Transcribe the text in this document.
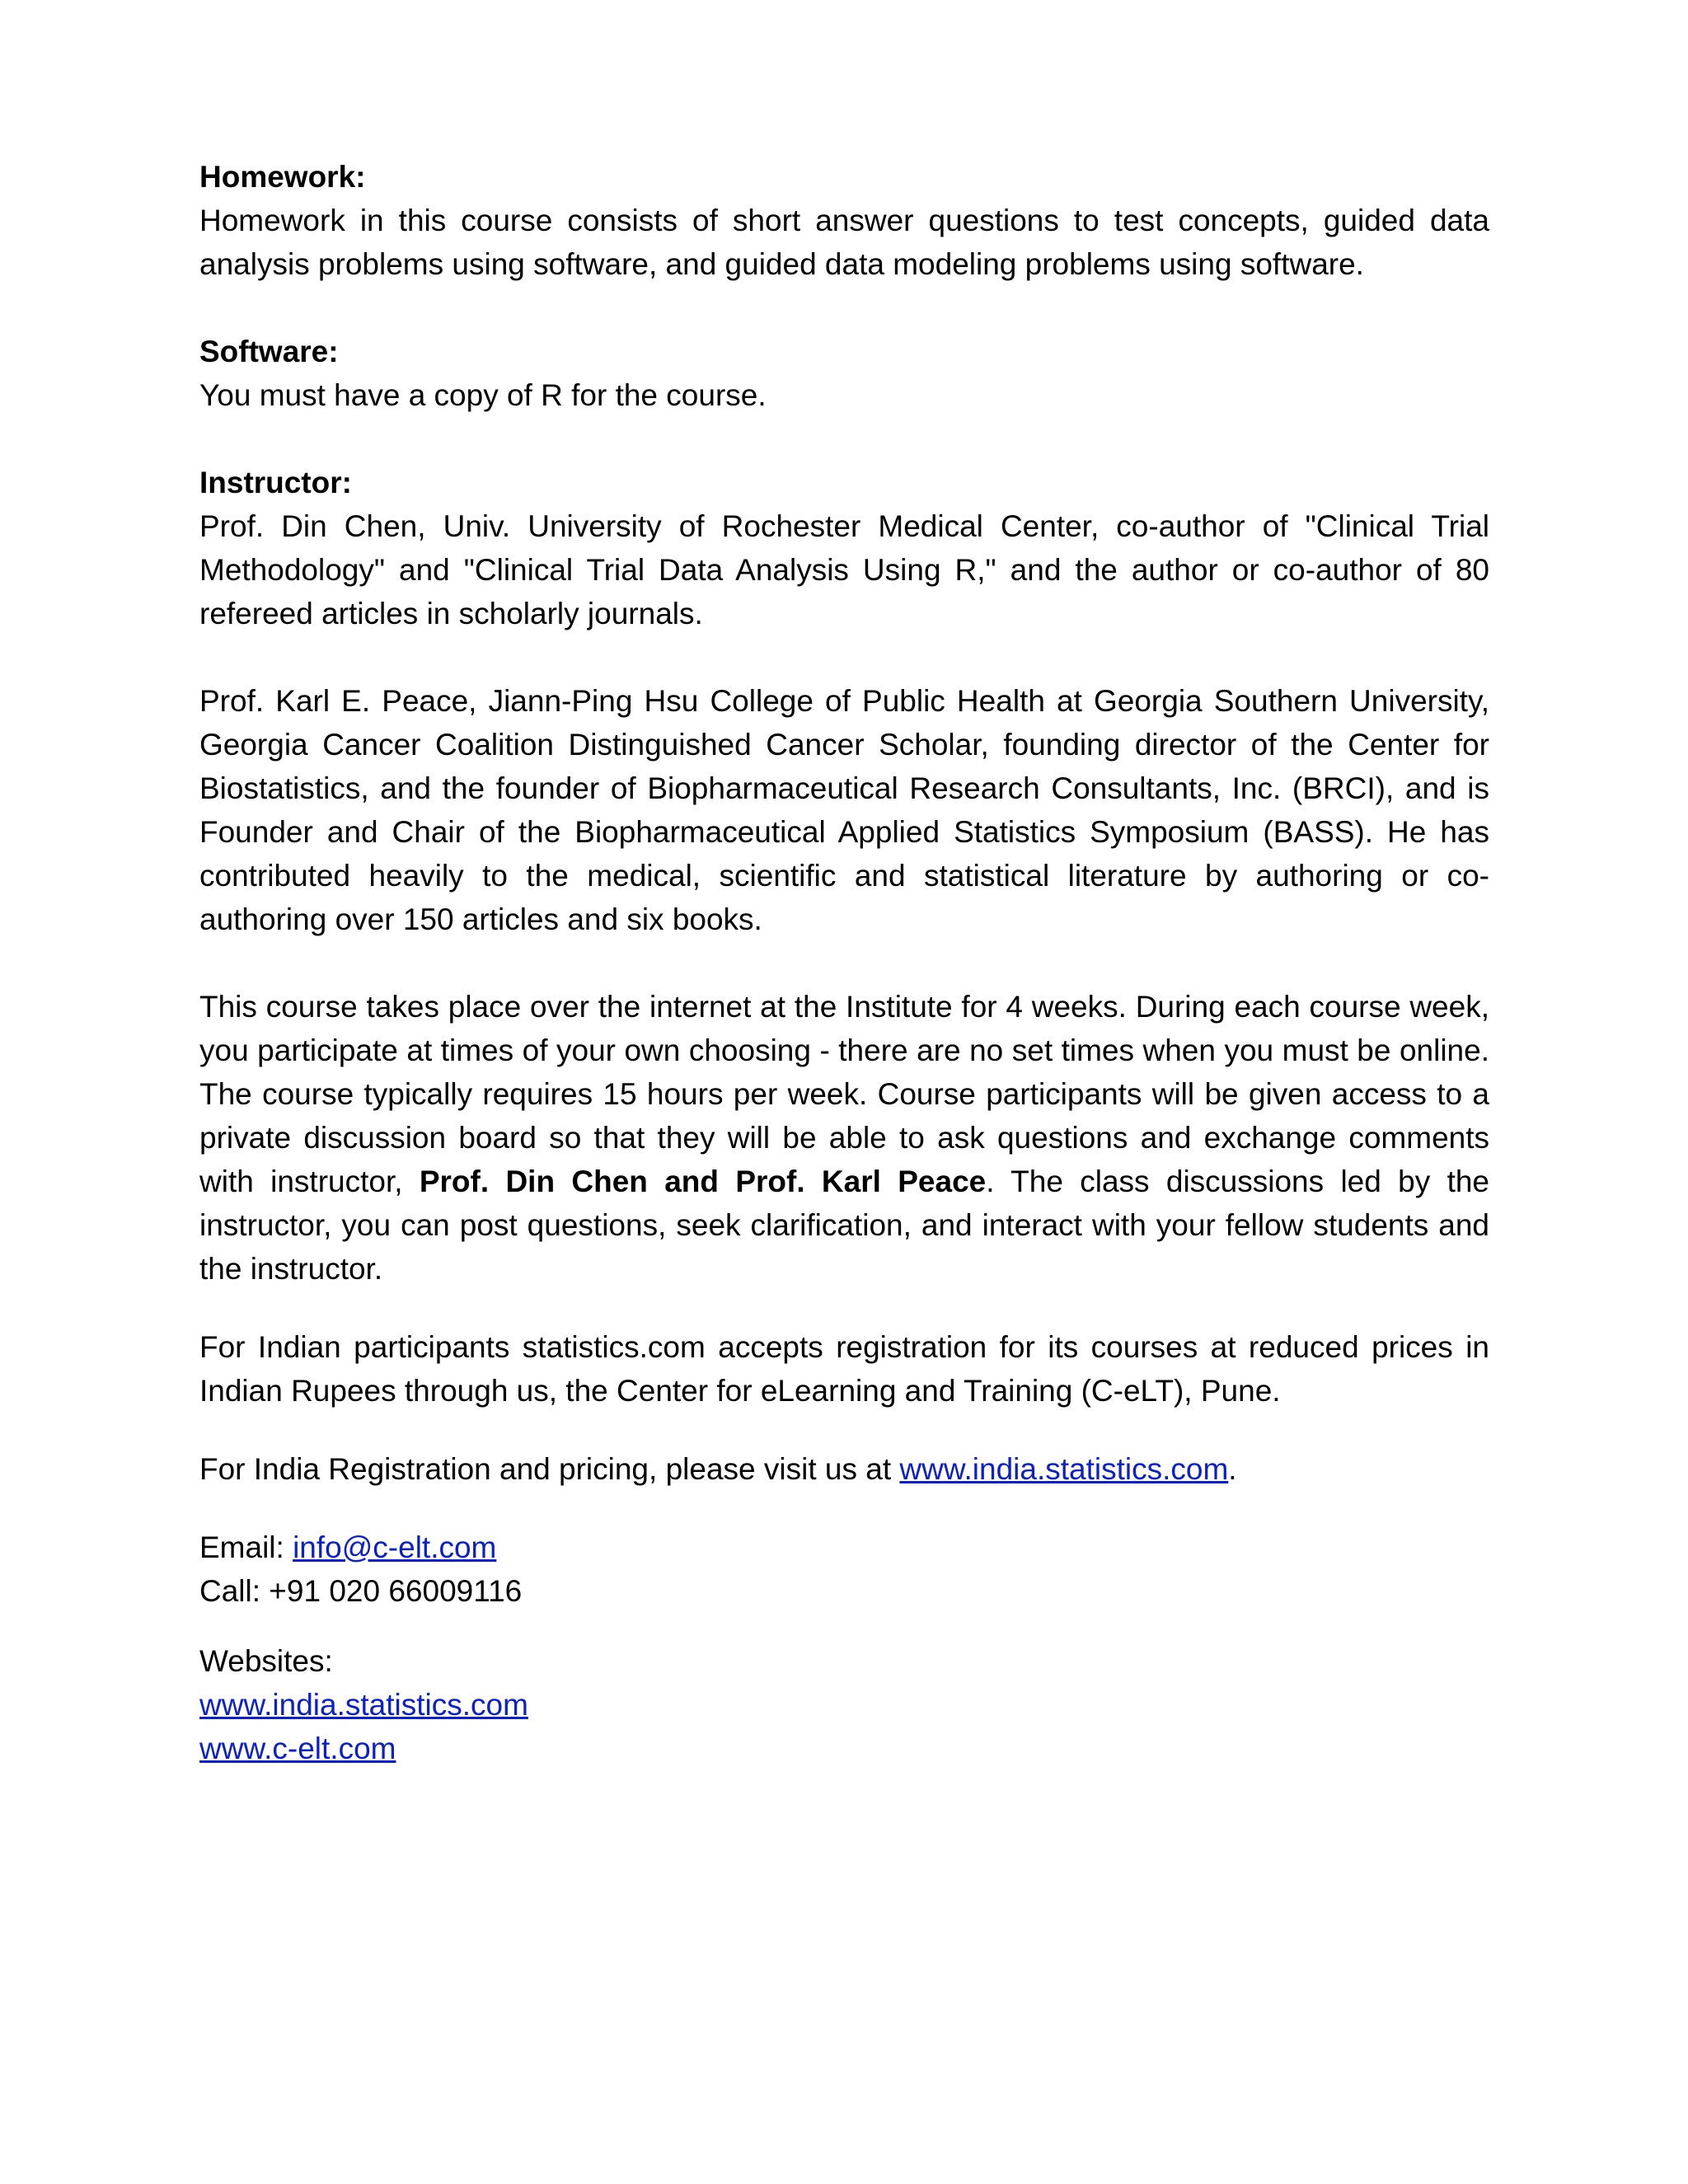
Homework:

Homework in this course consists of short answer questions to test concepts, guided data analysis problems using software, and guided data modeling problems using software.

Software:

You must have a copy of R for the course.

Instructor:

Prof. Din Chen, Univ. University of Rochester Medical Center, co-author of "Clinical Trial Methodology" and "Clinical Trial Data Analysis Using R," and the author or co-author of 80 refereed articles in scholarly journals.

Prof. Karl E. Peace, Jiann-Ping Hsu College of Public Health at Georgia Southern University, Georgia Cancer Coalition Distinguished Cancer Scholar, founding director of the Center for Biostatistics, and the founder of Biopharmaceutical Research Consultants, Inc. (BRCI), and is Founder and Chair of the Biopharmaceutical Applied Statistics Symposium (BASS). He has contributed heavily to the medical, scientific and statistical literature by authoring or co-authoring over 150 articles and six books.

This course takes place over the internet at the Institute for 4 weeks. During each course week, you participate at times of your own choosing - there are no set times when you must be online. The course typically requires 15 hours per week. Course participants will be given access to a private discussion board so that they will be able to ask questions and exchange comments with instructor, Prof. Din Chen and Prof. Karl Peace. The class discussions led by the instructor, you can post questions, seek clarification, and interact with your fellow students and the instructor.

For Indian participants statistics.com accepts registration for its courses at reduced prices in Indian Rupees through us, the Center for eLearning and Training (C-eLT), Pune.

For India Registration and pricing, please visit us at www.india.statistics.com.

Email: info@c-elt.com

Call: +91 020 66009116

Websites:

www.india.statistics.com

www.c-elt.com
